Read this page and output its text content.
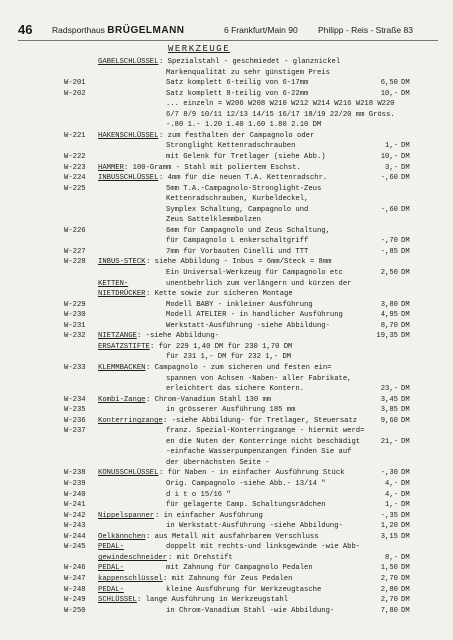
46 Radsporthaus BRÜGELMANN	6 Frankfurt/Main 90 Philipp - Reis - Straße 83
WERKZEUGE
GABELSCHLÜSSEL : Spezialstahl - geschmiedet - glanznickel
Markenqualität zu sehr günstigem Preis
W-201	Satz komplett 6-teilig von 6-17mm	6,50 DM
W-202	Satz komplett 8-teilig von 6-22mm	10,- DM
... einzeln = W206 W208 W210 W212 W214 W216 W218 W220
6/7 8/9 10/11 12/13 14/15 16/17 18/19 22/20 mm Gröss.
-.80 1.- 1.20 1.40 1.60 1.80 2.10 DM
W-221 HAKENSCHLÜSSEL : zum festhalten der Campagnolo oder
Stronglight Kettenradschrauben	1,- DM
W-222	mit Gelenk für Tretlager (siehe Abb.)	10,- DM
W-223 HAMMER : 100-Gramm - Stahl mit poliertem Eschst.	3,- DM
W-224 INBUSSCHLÜSSEL : 4mm für die neuen T.A. Kettenradschr.	-,60 DM
W-225	5mm T.A.-Campagnolo-Stronglight-Zeus
Kettenradschrauben, Kurbeldeckel,
Symplex Schaltung, Campagnolo und	-,60 DM
Zeus Sattelklemmbolzen
W-226	6mm für Campagnolo und Zeus Schaltung,
für Campagnolo L enkerschaltgriff	-,70 DM
W-227	7mm für Vorbauten Cinelli und TTT	-,85 DM
W-228 INBUS-STECK : siehe Abbildung - Inbus = 6mm/Steck = 8mm
Ein Universal-Werkzeug für Campagnolo etc	2,50 DM
KETTEN-	unentbehrlich zum verlängern und kürzen der
NIETDRÜCKER : Kette sowie zur sicheren Montage
W-229	Modell BABY - inkleiner Ausführung	3,80 DM
W-230	Modell ATELIER - in handlicher Ausführung	4,95 DM
W-231	Werkstatt-Ausführung -siehe Abbildung-	8,70 DM
W-232 NIETZANGE : -siehe Abbildung-	19,35 DM
ERSATZSTIFTE : für 229 1,40 DM für 230 1,70 DM
für 231 1,- DM für 232 1,- DM
W-233 KLEMMBACKEN : Campagnolo - zum sicheren und festen ein=
spannen von Achsen -Naben- aller Fabrikate,
erleichtert das sichere Kontern.	23,- DM
W-234 Kombi-Zange : Chrom-Vanadium Stahl 130 mm	3,45 DM
W-235	in grösserer Ausführung 185 mm	3,85 DM
W-236 Konterringzange : -siehe Abbildung- für Tretlager, Steuersatz	9,60 DM
W-237	franz. Spezial-Konterringzange - hiermit werd=
en die Nuten der Konterringe nicht beschädigt	21,- DM
-einfache Wasserpumpenzangen finden Sie auf
der übernächsten Seite -
W-238 KONUSSCHLÜSSEL : für Naben - in einfacher Ausführung Stück	-,30 DM
W-239	Orig. Campagnolo -siehe Abb.- 13/14 "	4,- DM
W-240	d i t o 15/16 "	4,- DM
W-241	für gelagerte Camp. Schaltungsrädchen	1,- DM
W-242 Nippelspanner : in einfacher Ausführung	-,35 DM
W-243	in Werkstatt-Ausführung -siehe Abbildung-	1,20 DM
W-244 Oelkännchen : aus Metall mit ausfahrbarem Verschluss	3,15 DM
W-245 PEDAL-	doppelt mit rechts-und linksgewinde -wie Abb-
gewindeschneider : mit Drehstift	8,- DM
W-246 PEDAL-	mit Zahnung für Campagnolo Pedalen	1,50 DM
W-247 kappenschlüssel : mit Zahnung für Zeus Pedalen	2,70 DM
W-248 PEDAL-	kleine Ausführung für Werkzeugtasche	2,80 DM
W-249 SCHLÜSSEL : lange Ausführung in Werkzeugstahl	2,70 DM
W-250	in Chrom-Vanadium Stahl -wie Abbildung-	7,80 DM
